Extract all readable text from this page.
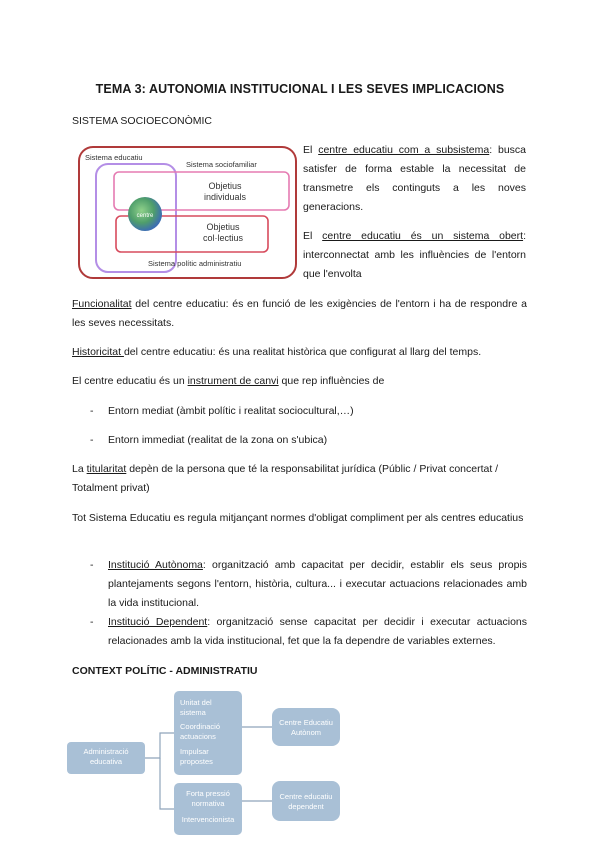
TEMA 3: AUTONOMIA INSTITUCIONAL I LES SEVES IMPLICACIONS
SISTEMA SOCIOECONÒMIC
Sistema educatiu
Sistema sociofamiliar
Objetius
individuals
Objetius
col·lectius
centre
Sistema polític administratiu
El centre educatiu com a subsistema: busca satisfer de forma estable la necessitat de transmetre els continguts a les noves generacions.
El centre educatiu és un sistema obert: interconnectat amb les influències de l'entorn que l'envolta
Funcionalitat del centre educatiu: és en funció de les exigències de l'entorn i ha de respondre a les seves necessitats.
Historicitat del centre educatiu: és una realitat històrica que configurat al llarg del temps.
El centre educatiu és un instrument de canvi que rep influències de
- Entorn mediat (àmbit polític i realitat sociocultural,…)
- Entorn immediat (realitat de la zona on s'ubica)
La titularitat depèn de la persona que té la responsabilitat jurídica (Públic / Privat concertat / Totalment privat)
Tot Sistema Educatiu es regula mitjançant normes d'obligat compliment per als centres educatius
- Institució Autònoma: organització amb capacitat per decidir, establir els seus propis plantejaments segons l'entorn, història, cultura... i executar actuacions relacionades amb la vida institucional.
- Institució Dependent: organització sense capacitat per decidir i executar actuacions relacionades amb la vida institucional, fet que la fa dependre de variables externes.
CONTEXT POLÍTIC - ADMINISTRATIU
Administració
educativa
Unitat del
sistema
Coordinació
actuacions
Impulsar
propostes
Forta pressió
normativa
Intervencionista
Centre Educatiu
Autònom
Centre educatiu
dependent
